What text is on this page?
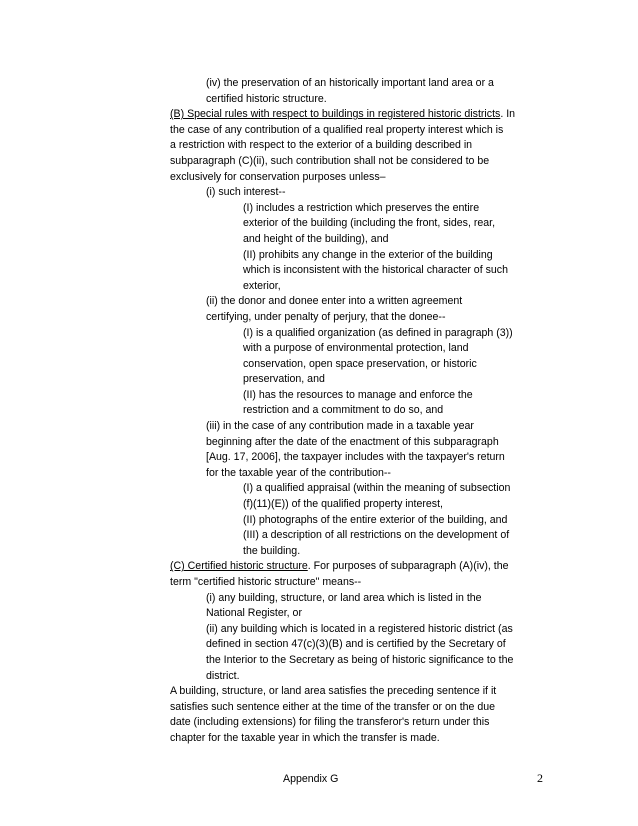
(iv) the preservation of an historically important land area or a
certified historic structure.
(B) Special rules with respect to buildings in registered historic districts. In
the case of any contribution of a qualified real property interest which is
a restriction with respect to the exterior of a building described in
subparagraph (C)(ii), such contribution shall not be considered to be
exclusively for conservation purposes unless–
(i) such interest--
(I) includes a restriction which preserves the entire
exterior of the building (including the front, sides, rear,
and height of the building), and
(II) prohibits any change in the exterior of the building
which is inconsistent with the historical character of such
exterior,
(ii) the donor and donee enter into a written agreement
certifying, under penalty of perjury, that the donee--
(I) is a qualified organization (as defined in paragraph (3))
with a purpose of environmental protection, land
conservation, open space preservation, or historic
preservation, and
(II) has the resources to manage and enforce the
restriction and a commitment to do so, and
(iii) in the case of any contribution made in a taxable year
beginning after the date of the enactment of this subparagraph
[Aug. 17, 2006], the taxpayer includes with the taxpayer's return
for the taxable year of the contribution--
(I) a qualified appraisal (within the meaning of subsection
(f)(11)(E)) of the qualified property interest,
(II) photographs of the entire exterior of the building, and
(III) a description of all restrictions on the development of
the building.
(C) Certified historic structure. For purposes of subparagraph (A)(iv), the
term "certified historic structure" means--
(i) any building, structure, or land area which is listed in the
National Register, or
(ii) any building which is located in a registered historic district (as
defined in section 47(c)(3)(B) and is certified by the Secretary of
the Interior to the Secretary as being of historic significance to the
district.
A building, structure, or land area satisfies the preceding sentence if it
satisfies such sentence either at the time of the transfer or on the due
date (including extensions) for filing the transferor's return under this
chapter for the taxable year in which the transfer is made.
Appendix G	2
